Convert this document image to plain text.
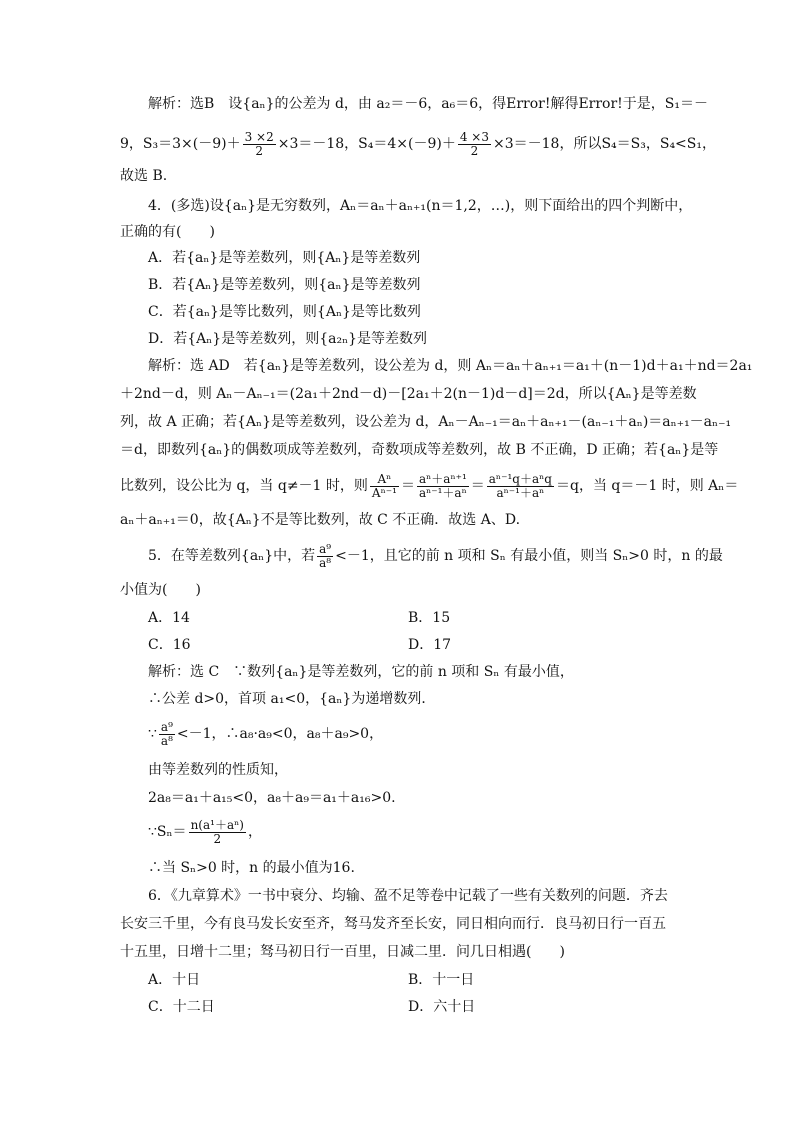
解析：选B　设{aₙ}的公差为 d，由 a₂＝－6，a₆＝6，得Error!解得Error!于是，S₁＝－
9，$S_3=3\times(-9)+ \frac{3 \times 2}{2} \times 3=-18$，$S_4=4\times(-9)+ \frac{4 \times 3}{2} \times 3=-18$，所以S₄＝S₃，S₄<S₁，
故选 B.
4．(多选)设{aₙ}是无穷数列，Aₙ＝aₙ＋aₙ₊₁(n＝1,2，…)，则下面给出的四个判断中，
正确的有(　　)
A．若{aₙ}是等差数列，则{Aₙ}是等差数列
B．若{Aₙ}是等差数列，则{aₙ}是等差数列
C．若{aₙ}是等比数列，则{Aₙ}是等比数列
D．若{Aₙ}是等差数列，则{a₂ₙ}是等差数列
解析：选 AD　若{aₙ}是等差数列，设公差为 d，则 Aₙ＝aₙ＋aₙ₊₁＝a₁＋(n－1)d＋a₁＋nd＝2a₁
＋2nd－d，则 Aₙ－Aₙ₋₁＝(2a₁＋2nd－d)－[2a₁＋2(n－1)d－d]＝2d，所以{Aₙ}是等差数
列，故 A 正确；若{Aₙ}是等差数列，设公差为 d，Aₙ－Aₙ₋₁＝aₙ＋aₙ₊₁－(aₙ₋₁＋aₙ)＝aₙ₊₁－aₙ₋₁
＝d，即数列{aₙ}的偶数项成等差数列，奇数项成等差数列，故 B 不正确，D 正确；若{aₙ}是等
比数列，设公比为 q，当 q≠－1 时，则 $\frac{\text{Aⁿ}}{\text{Aⁿ⁻¹}} = \frac{\text{aⁿ＋aⁿ⁺¹}}{\text{aⁿ⁻¹＋aⁿ}} = \frac{\text{aⁿ⁻¹q＋aⁿq}}{\text{aⁿ⁻¹＋aⁿ}} =q$，当 q＝－1 时，则 Aₙ＝
aₙ＋aₙ₊₁＝0，故{Aₙ}不是等比数列，故 C 不正确．故选 A、D.
5．在等差数列{aₙ}中，若 $\frac{\text{a⁹}}{\text{a⁸}} <-1$，且它的前 n 项和 Sₙ 有最小值，则当 Sₙ>0 时，n 的最
小值为(　　)
A．14	B．15
C．16	D．17
解析：选 C　∵数列{aₙ}是等差数列，它的前 n 项和 Sₙ 有最小值，
∴公差 d>0，首项 a₁<0，{aₙ}为递增数列．
∵ $\frac{\text{a⁹}}{\text{a⁸}} <-1$，∴a₈·a₉<0，a₈＋a₉>0，
由等差数列的性质知，
2a₈＝a₁＋a₁₅<0，a₈＋a₉＝a₁＋a₁₆>0.
∵Sₙ＝ $\frac{\text{n(a¹＋aⁿ)}}{2}$ ，
∴当 Sₙ>0 时，n 的最小值为16.
6．《九章算术》一书中衰分、均输、盈不足等卷中记载了一些有关数列的问题．齐去
长安三千里，今有良马发长安至齐，驽马发齐至长安，同日相向而行．良马初日行一百五
十五里，日增十二里；驽马初日行一百里，日减二里．问几日相遇(　　)
A．十日	B．十一日
C．十二日	D．六十日
